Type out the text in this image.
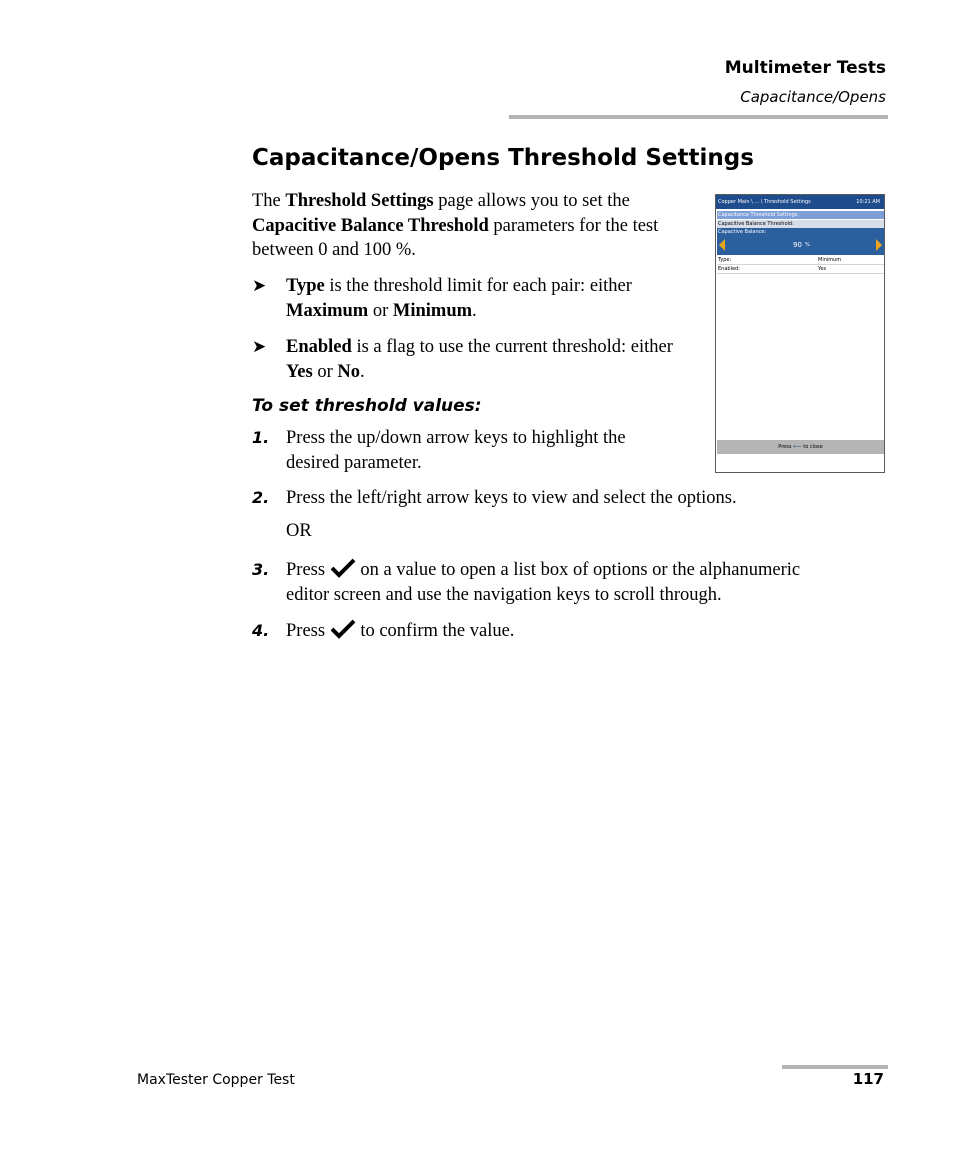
Multimeter Tests
Capacitance/Opens
Capacitance/Opens Threshold Settings

The Threshold Settings page allows you to set the Capacitive Balance Threshold parameters for the test between 0 and 100 %.

➤ Type is the threshold limit for each pair: either Maximum or Minimum.
➤ Enabled is a flag to use the current threshold: either Yes or No.
To set threshold values:
1. Press the up/down arrow keys to highlight the
desired parameter.
2. Press the left/right arrow keys to view and select the options.
OR
3. Press  on a value to open a list box of options or the alphanumeric
editor screen and use the navigation keys to scroll through.
4. Press  to confirm the value.
Copper Main \ ... \ Threshold Settings	10:21 AM
Capacitance Threshold Settings:
Capacitive Balance Threshold:
Capactive Balance:
90 %
Type:	Minimum
Enabled:	Yes
Press ⟵ to close
MaxTester Copper Test	117
